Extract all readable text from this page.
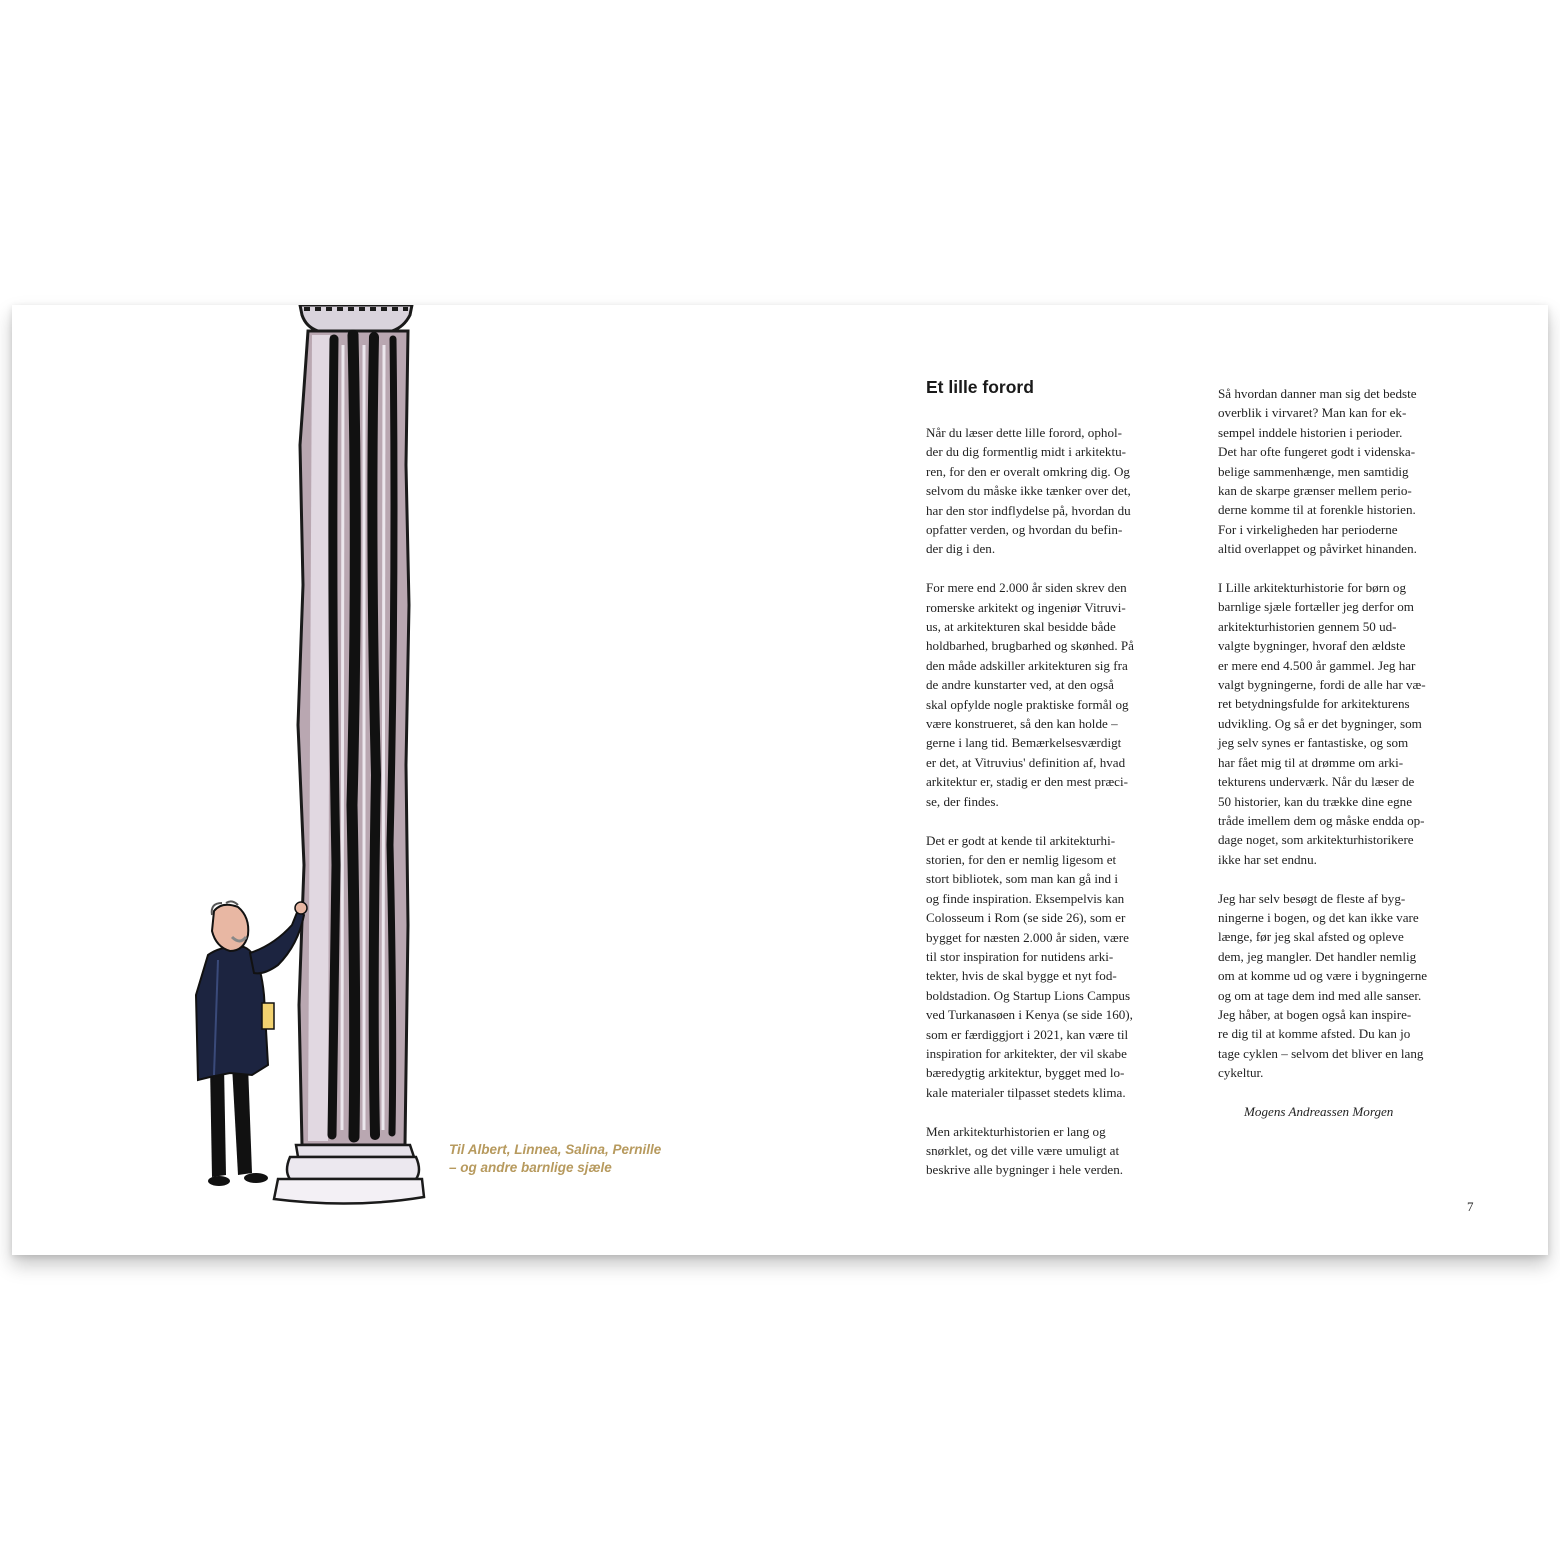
Til Albert, Linnea, Salina, Pernille
– og andre barnlige sjæle
Et lille forord

Når du læser dette lille forord, ophol-
der du dig formentlig midt i arkitektu-
ren, for den er overalt omkring dig. Og
selvom du måske ikke tænker over det,
har den stor indflydelse på, hvordan du
opfatter verden, og hvordan du befin-
der dig i den.

For mere end 2.000 år siden skrev den
romerske arkitekt og ingeniør Vitruvi-
us, at arkitekturen skal besidde både
holdbarhed, brugbarhed og skønhed. På
den måde adskiller arkitekturen sig fra
de andre kunstarter ved, at den også
skal opfylde nogle praktiske formål og
være konstrueret, så den kan holde –
gerne i lang tid. Bemærkelsesværdigt
er det, at Vitruvius' definition af, hvad
arkitektur er, stadig er den mest præci-
se, der findes.

Det er godt at kende til arkitekturhi-
storien, for den er nemlig ligesom et
stort bibliotek, som man kan gå ind i
og finde inspiration. Eksempelvis kan
Colosseum i Rom (se side 26), som er
bygget for næsten 2.000 år siden, være
til stor inspiration for nutidens arki-
tekter, hvis de skal bygge et nyt fod-
boldstadion. Og Startup Lions Campus
ved Turkanasøen i Kenya (se side 160),
som er færdiggjort i 2021, kan være til
inspiration for arkitekter, der vil skabe
bæredygtig arkitektur, bygget med lo-
kale materialer tilpasset stedets klima.

Men arkitekturhistorien er lang og
snørklet, og det ville være umuligt at
beskrive alle bygninger i hele verden.

Så hvordan danner man sig det bedste
overblik i virvaret? Man kan for ek-
sempel inddele historien i perioder.
Det har ofte fungeret godt i videnska-
belige sammenhænge, men samtidig
kan de skarpe grænser mellem perio-
derne komme til at forenkle historien.
For i virkeligheden har perioderne
altid overlappet og påvirket hinanden.

I Lille arkitekturhistorie for børn og
barnlige sjæle fortæller jeg derfor om
arkitekturhistorien gennem 50 ud-
valgte bygninger, hvoraf den ældste
er mere end 4.500 år gammel. Jeg har
valgt bygningerne, fordi de alle har væ-
ret betydningsfulde for arkitekturens
udvikling. Og så er det bygninger, som
jeg selv synes er fantastiske, og som
har fået mig til at drømme om arki-
tekturens underværk. Når du læser de
50 historier, kan du trække dine egne
tråde imellem dem og måske endda op-
dage noget, som arkitekturhistorikere
ikke har set endnu.

Jeg har selv besøgt de fleste af byg-
ningerne i bogen, og det kan ikke vare
længe, før jeg skal afsted og opleve
dem, jeg mangler. Det handler nemlig
om at komme ud og være i bygningerne
og om at tage dem ind med alle sanser.
Jeg håber, at bogen også kan inspire-
re dig til at komme afsted. Du kan jo
tage cyklen – selvom det bliver en lang
cykeltur.

Mogens Andreassen Morgen
7
